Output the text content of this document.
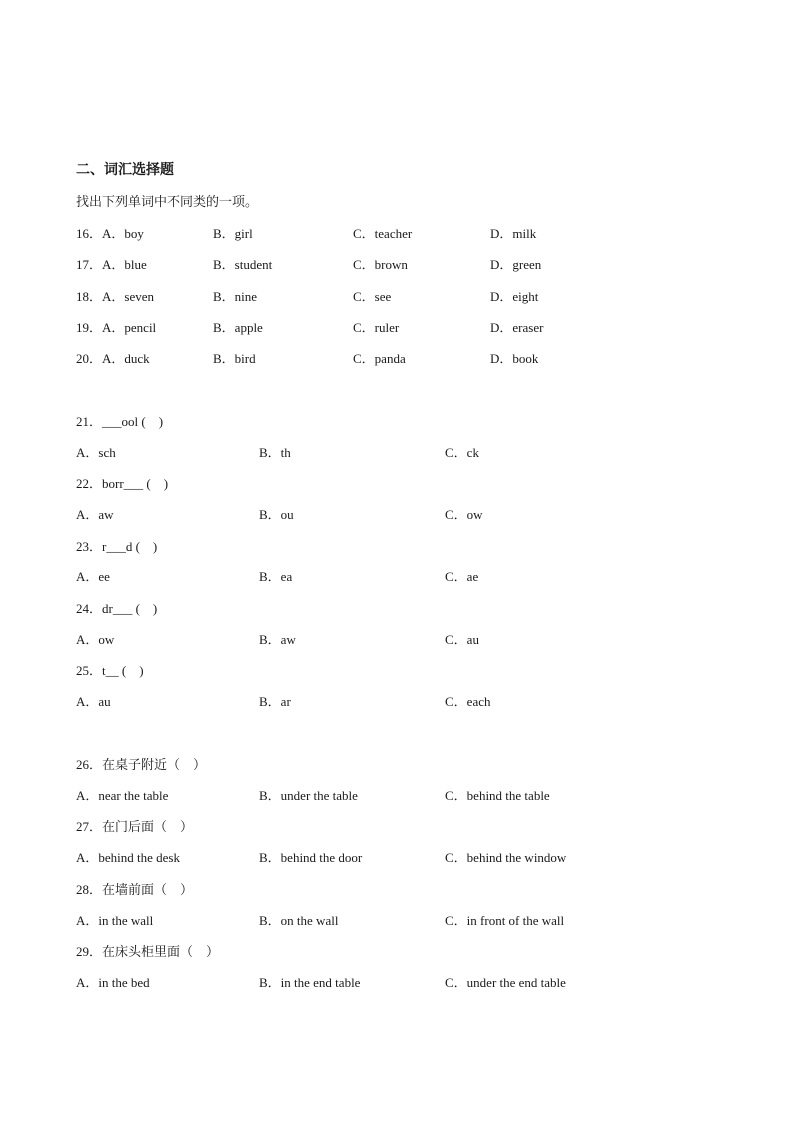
二、词汇选择题
找出下列单词中不同类的一项。
16．A．boy	B．girl	C．teacher	D．milk
17．A．blue	B．student	C．brown	D．green
18．A．seven	B．nine	C．see	D．eight
19．A．pencil	B．apple	C．ruler	D．eraser
20．A．duck	B．bird	C．panda	D．book
21．___ool (    )
A．sch	B．th	C．ck
22．borr___ (    )
A．aw	B．ou	C．ow
23．r___d (    )
A．ee	B．ea	C．ae
24．dr___ (    )
A．ow	B．aw	C．au
25．t__ (    )
A．au	B．ar	C．each
26．在桌子附近（    ）
A．near the table	B．under the table	C．behind the table
27．在门后面（    ）
A．behind the desk	B．behind the door	C．behind the window
28．在墙前面（    ）
A．in the wall	B．on the wall	C．in front of the wall
29．在床头柜里面（    ）
A．in the bed	B．in the end table	C．under the end table
